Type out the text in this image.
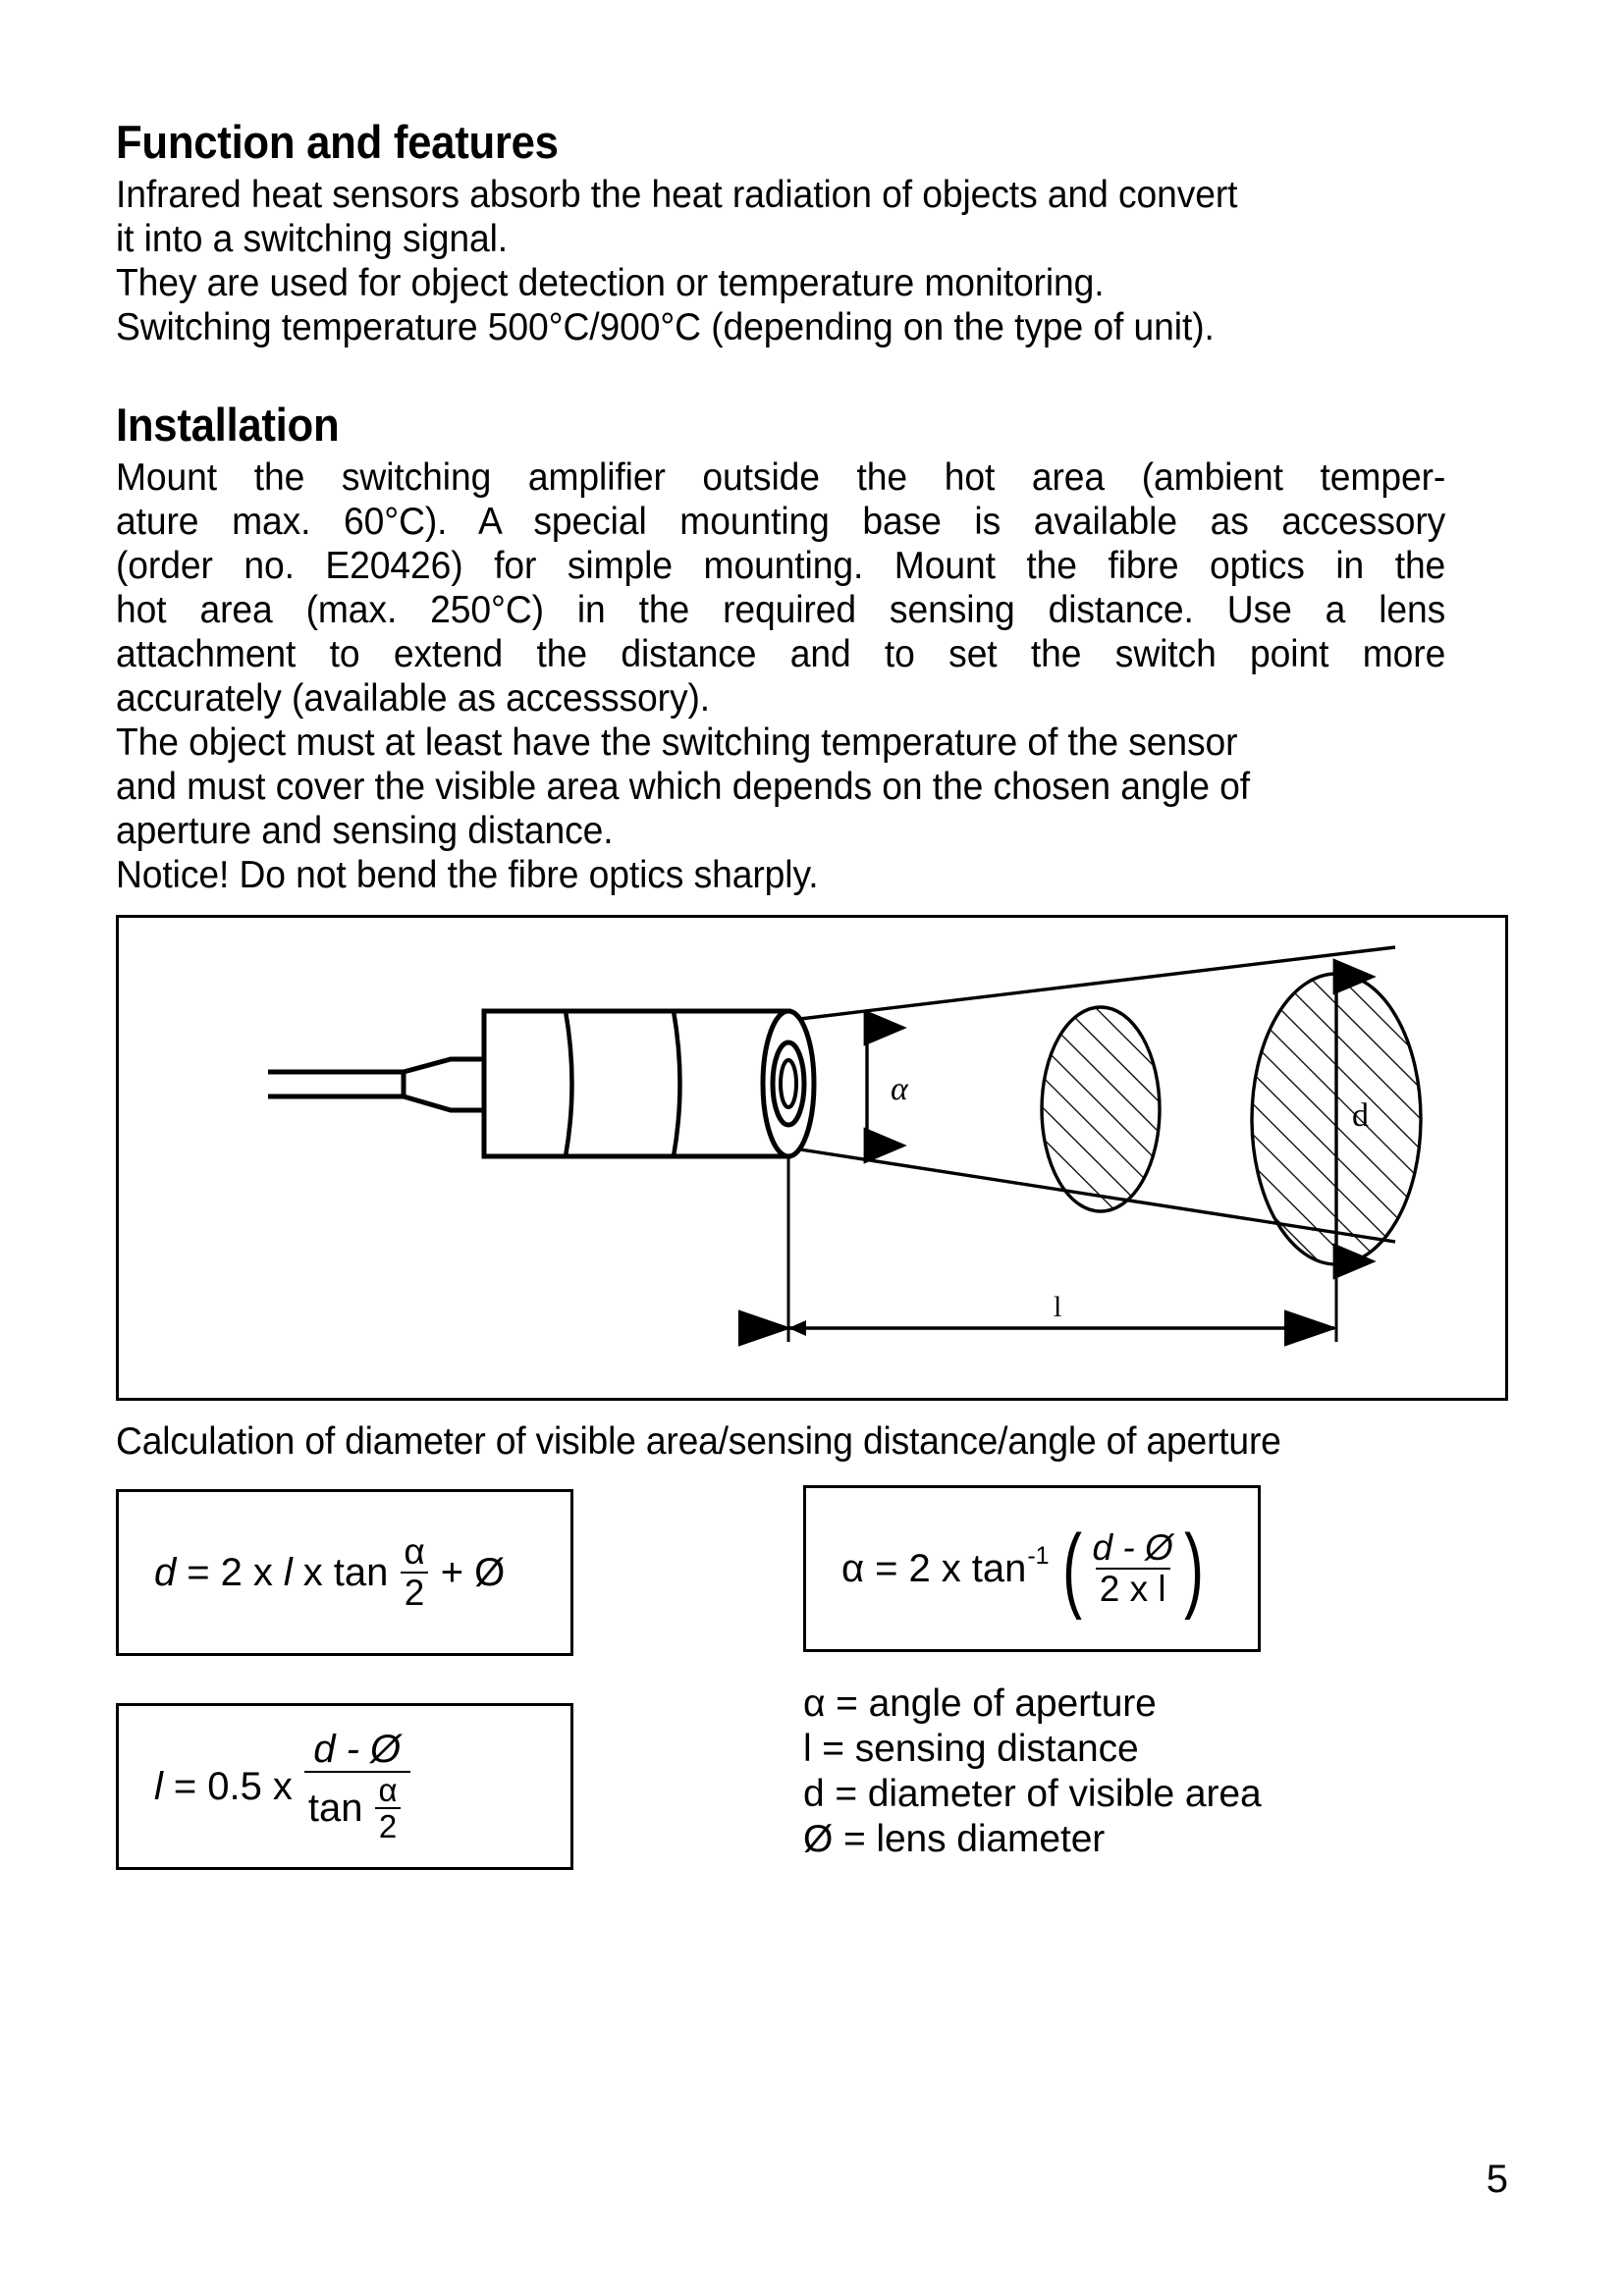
Function and features

Infrared heat sensors absorb the heat radiation of objects and convert

it into a switching signal.

They are used for object detection or temperature monitoring.

Switching temperature 500°C/900°C (depending on the type of unit).

Installation

Mount the switching amplifier outside the hot area (ambient temper-

ature max. 60°C). A special mounting base is available as accessory

(order no. E20426) for simple mounting. Mount the fibre optics in the

hot area (max. 250°C) in the required sensing distance. Use a lens

attachment to extend the distance and to set the switch point more

accurately (available as accesssory).

The object must at least have the switching temperature of the sensor

and must cover the visible area which depends on the chosen angle of

aperture and sensing distance.

Notice! Do not bend the fibre optics sharply.

α
d
l
Calculation of diameter of visible area/sensing distance/angle of aperture
d = 2 x l x $\tan \frac{\alpha}{2}$ + Ø	α = 2 x tan -1 ( $\frac{d - Ø}{\text{2 x l}}$ )
l = 0.5 x $\frac{d - Ø}{\tan \frac{\alpha}{2}}$
α = angle of aperture
l = sensing distance
d = diameter of visible area
Ø = lens diameter
5
